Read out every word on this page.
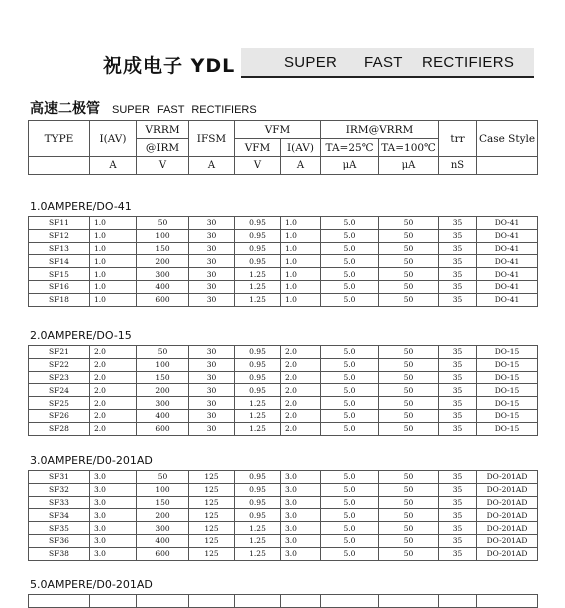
祝成电子 YDL	SUPER FAST RECTIFIERS
高速二极管 SUPER FAST RECTIFIERS
TYPE	I(AV)	VRRM	IFSM	VFM		IRM@VRRM		trr	Case Style
		@IRM		VFM	I(AV)	TA=25℃	TA=100℃		
	A	V	A	V	A	μA	μA	nS	
1.0AMPERE/DO-41
SF11	1.0	50	30	0.95	1.0	5.0	50	35	DO-41
SF12	1.0	100	30	0.95	1.0	5.0	50	35	DO-41
SF13	1.0	150	30	0.95	1.0	5.0	50	35	DO-41
SF14	1.0	200	30	0.95	1.0	5.0	50	35	DO-41
SF15	1.0	300	30	1.25	1.0	5.0	50	35	DO-41
SF16	1.0	400	30	1.25	1.0	5.0	50	35	DO-41
SF18	1.0	600	30	1.25	1.0	5.0	50	35	DO-41
2.0AMPERE/DO-15
SF21	2.0	50	30	0.95	2.0	5.0	50	35	DO-15
SF22	2.0	100	30	0.95	2.0	5.0	50	35	DO-15
SF23	2.0	150	30	0.95	2.0	5.0	50	35	DO-15
SF24	2.0	200	30	0.95	2.0	5.0	50	35	DO-15
SF25	2.0	300	30	1.25	2.0	5.0	50	35	DO-15
SF26	2.0	400	30	1.25	2.0	5.0	50	35	DO-15
SF28	2.0	600	30	1.25	2.0	5.0	50	35	DO-15
3.0AMPERE/D0-201AD
SF31	3.0	50	125	0.95	3.0	5.0	50	35	DO-201AD
SF32	3.0	100	125	0.95	3.0	5.0	50	35	DO-201AD
SF33	3.0	150	125	0.95	3.0	5.0	50	35	DO-201AD
SF34	3.0	200	125	0.95	3.0	5.0	50	35	DO-201AD
SF35	3.0	300	125	1.25	3.0	5.0	50	35	DO-201AD
SF36	3.0	400	125	1.25	3.0	5.0	50	35	DO-201AD
SF38	3.0	600	125	1.25	3.0	5.0	50	35	DO-201AD
5.0AMPERE/D0-201AD
